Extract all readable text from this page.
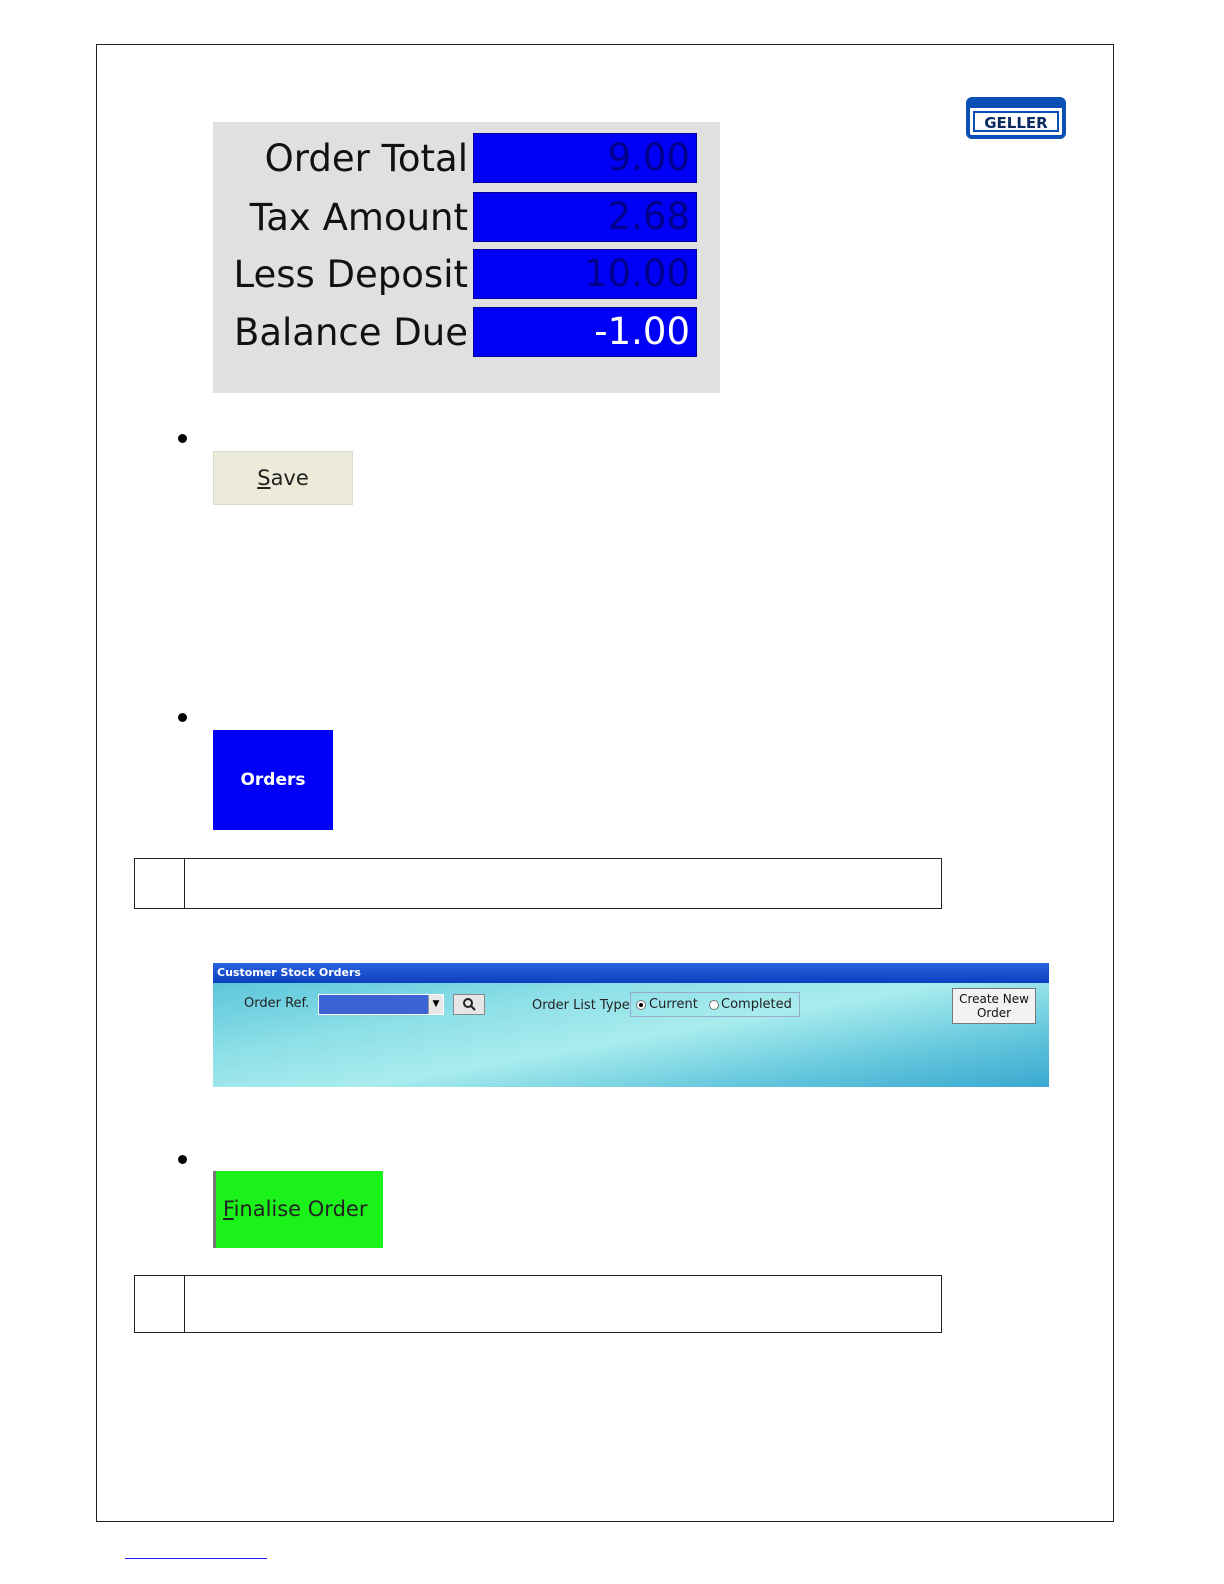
GELLER
Order Total	9.00
Tax Amount	2.68
Less Deposit	10.00
Balance Due	-1.00
Save
Orders
Customer Stock Orders
Order Ref.	▼	Order List Type Current Completed	Create New
Order
Finalise Order
